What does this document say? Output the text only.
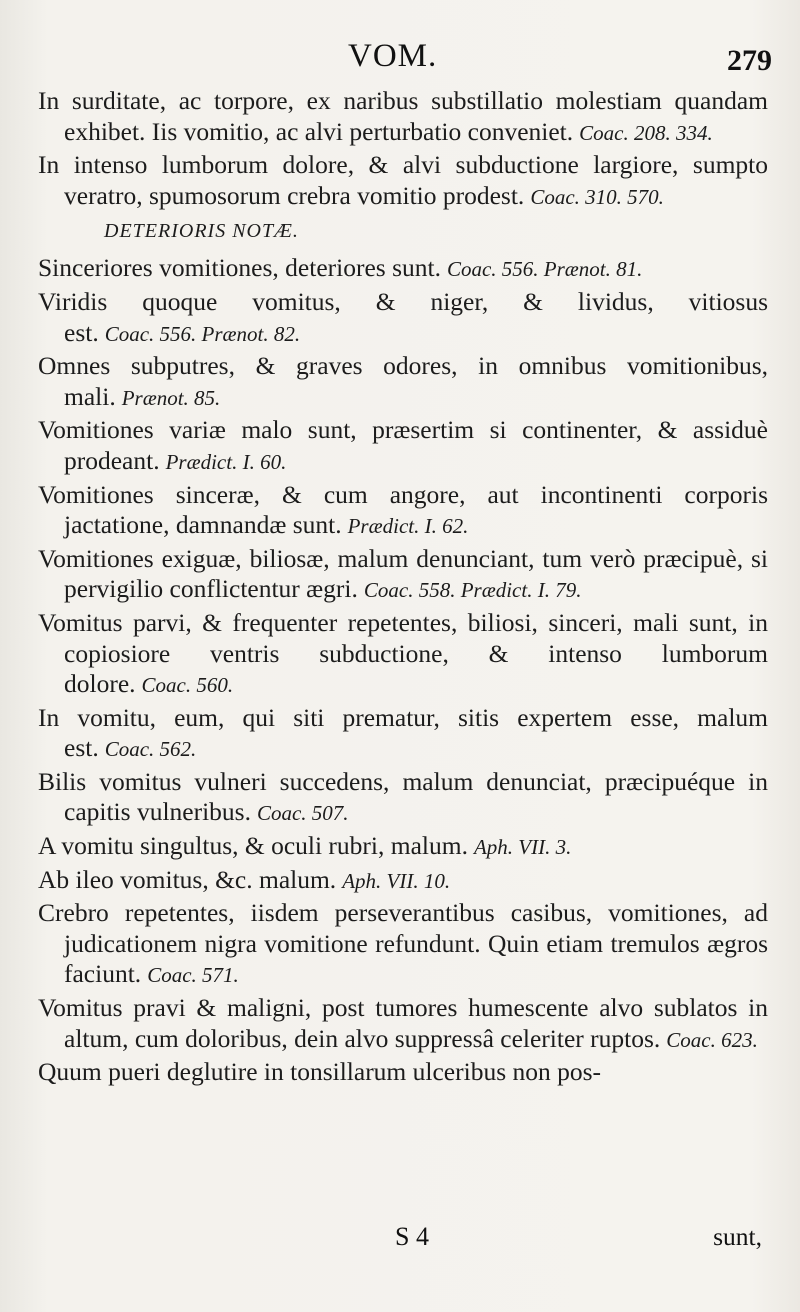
VOM.	279

In surditate, ac torpore, ex naribus substillatio molestiam quandam exhibet. Iis vomitio, ac alvi perturbatio conveniet. Coac. 208. 334.

In intenso lumborum dolore, & alvi subductione largiore, sumpto veratro, spumosorum crebra vomitio prodest. Coac. 310. 570.

DETERIORIS NOTÆ.

Sinceriores vomitiones, deteriores sunt. Coac. 556. Prænot. 81.

Viridis quoque vomitus, & niger, & lividus, vitiosus est. Coac. 556. Prænot. 82.

Omnes subputres, & graves odores, in omnibus vomitionibus, mali. Prænot. 85.

Vomitiones variæ malo sunt, præsertim si continenter, & assiduè prodeant. Prædict. I. 60.

Vomitiones sinceræ, & cum angore, aut incontinenti corporis jactatione, damnandæ sunt. Prædict. I. 62.

Vomitiones exiguæ, biliosæ, malum denunciant, tum verò præcipuè, si pervigilio conflictentur ægri. Coac. 558. Prædict. I. 79.

Vomitus parvi, & frequenter repetentes, biliosi, sinceri, mali sunt, in copiosiore ventris subductione, & intenso lumborum dolore. Coac. 560.

In vomitu, eum, qui siti prematur, sitis expertem esse, malum est. Coac. 562.

Bilis vomitus vulneri succedens, malum denunciat, præcipuéque in capitis vulneribus. Coac. 507.

A vomitu singultus, & oculi rubri, malum. Aph. VII. 3.

Ab ileo vomitus, &c. malum. Aph. VII. 10.

Crebro repetentes, iisdem perseverantibus casibus, vomitiones, ad judicationem nigra vomitione refundunt. Quin etiam tremulos ægros faciunt. Coac. 571.

Vomitus pravi & maligni, post tumores humescente alvo sublatos in altum, cum doloribus, dein alvo suppressâ celeriter ruptos. Coac. 623.

Quum pueri deglutire in tonsillarum ulceribus non pos-

S 4	sunt,
